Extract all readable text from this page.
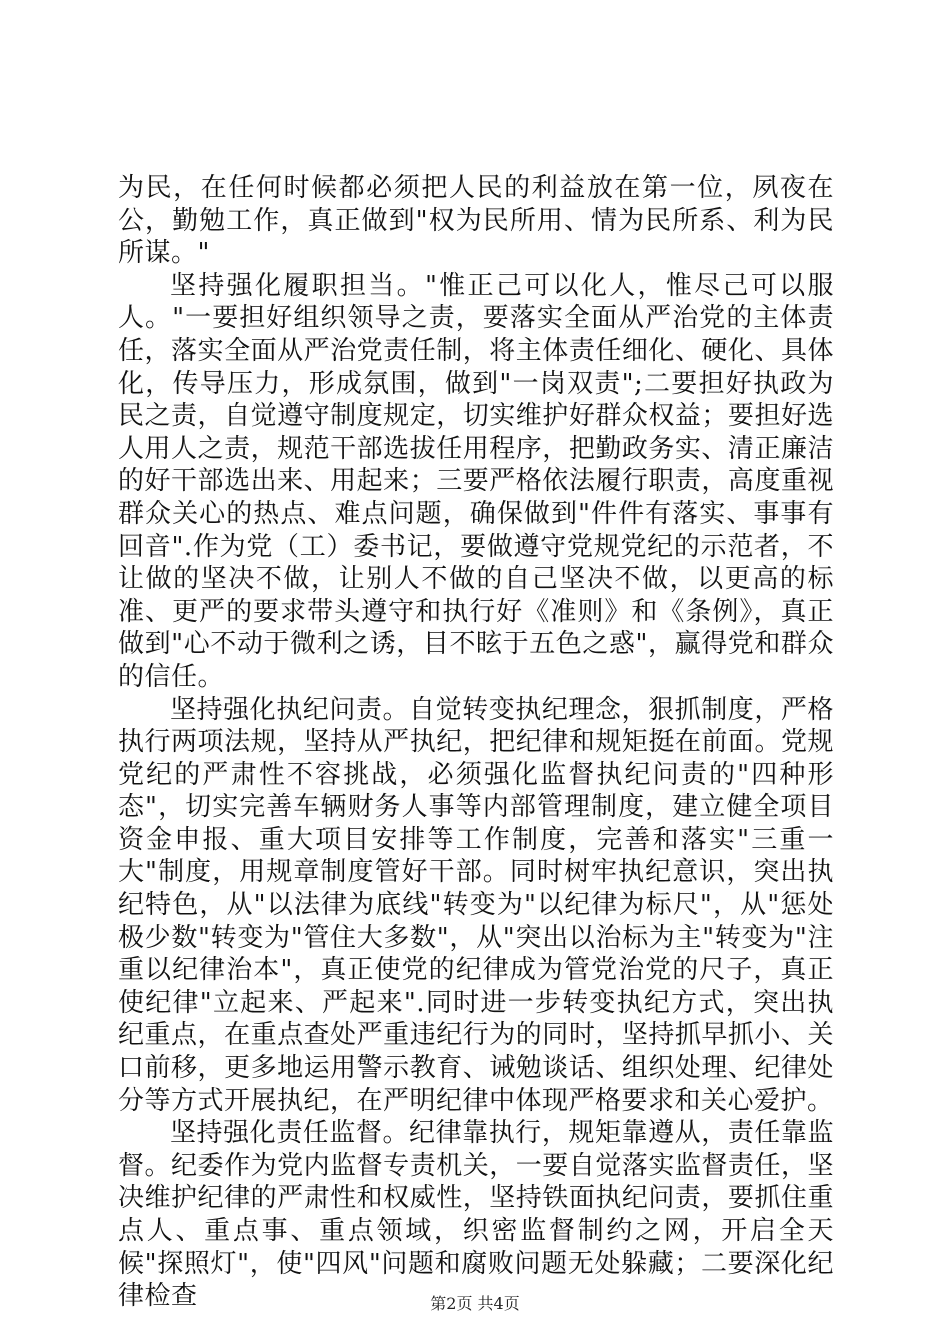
为民，在任何时候都必须把人民的利益放在第一位，夙夜在公，勤勉工作，真正做到"权为民所用、情为民所系、利为民所谋。"

坚持强化履职担当。"惟正己可以化人，惟尽己可以服人。"一要担好组织领导之责，要落实全面从严治党的主体责任，落实全面从严治党责任制，将主体责任细化、硬化、具体化，传导压力，形成氛围，做到"一岗双责";二要担好执政为民之责，自觉遵守制度规定，切实维护好群众权益；要担好选人用人之责，规范干部选拔任用程序，把勤政务实、清正廉洁的好干部选出来、用起来；三要严格依法履行职责，高度重视群众关心的热点、难点问题，确保做到"件件有落实、事事有回音".作为党（工）委书记，要做遵守党规党纪的示范者，不让做的坚决不做，让别人不做的自己坚决不做，以更高的标准、更严的要求带头遵守和执行好《准则》和《条例》，真正做到"心不动于微利之诱，目不眩于五色之惑"，赢得党和群众的信任。

坚持强化执纪问责。自觉转变执纪理念，狠抓制度，严格执行两项法规，坚持从严执纪，把纪律和规矩挺在前面。党规党纪的严肃性不容挑战，必须强化监督执纪问责的"四种形态"，切实完善车辆财务人事等内部管理制度，建立健全项目资金申报、重大项目安排等工作制度，完善和落实"三重一大"制度，用规章制度管好干部。同时树牢执纪意识，突出执纪特色，从"以法律为底线"转变为"以纪律为标尺"，从"惩处极少数"转变为"管住大多数"，从"突出以治标为主"转变为"注重以纪律治本"，真正使党的纪律成为管党治党的尺子，真正使纪律"立起来、严起来".同时进一步转变执纪方式，突出执纪重点，在重点查处严重违纪行为的同时，坚持抓早抓小、关口前移，更多地运用警示教育、诫勉谈话、组织处理、纪律处分等方式开展执纪，在严明纪律中体现严格要求和关心爱护。

坚持强化责任监督。纪律靠执行，规矩靠遵从，责任靠监督。纪委作为党内监督专责机关，一要自觉落实监督责任，坚决维护纪律的严肃性和权威性，坚持铁面执纪问责，要抓住重点人、重点事、重点领域，织密监督制约之网，开启全天候"探照灯"，使"四风"问题和腐败问题无处躲藏；二要深化纪律检查	第2页 共4页
